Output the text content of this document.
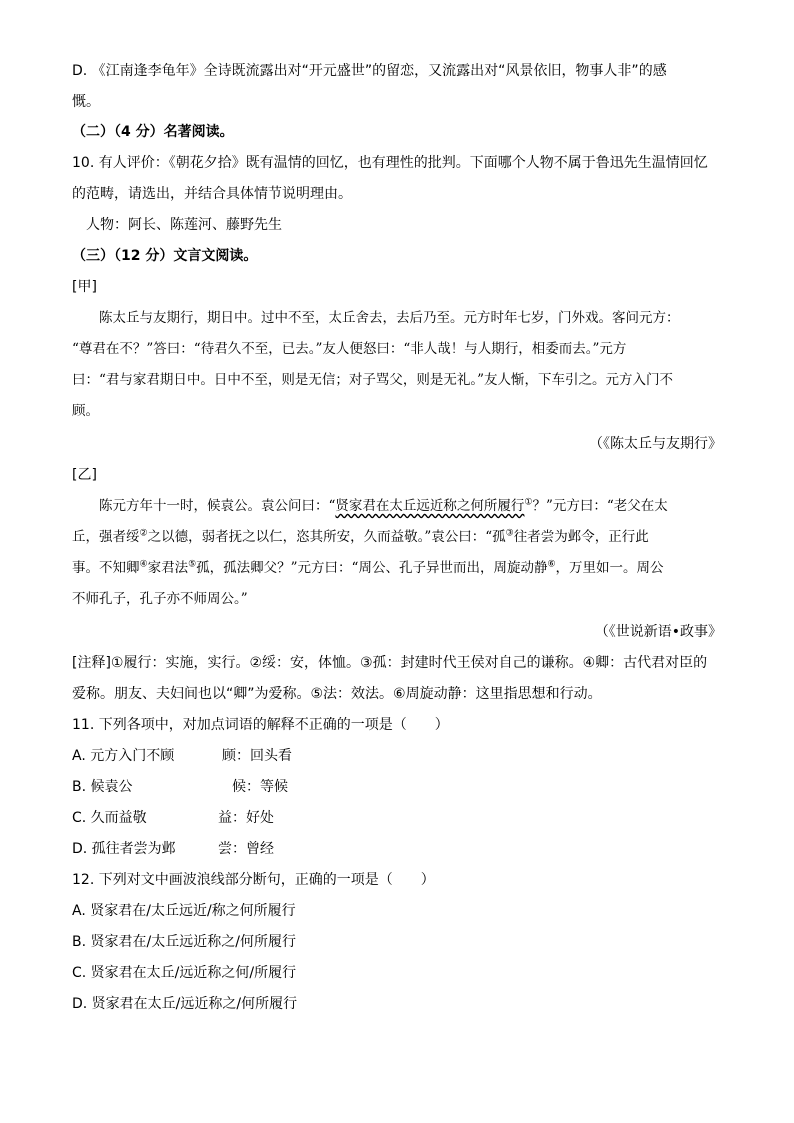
D. 《江南逢李龟年》全诗既流露出对“开元盛世”的留恋，又流露出对“风景依旧，物事人非”的感
慨。
（二）（4 分）名著阅读。
10. 有人评价：《朝花夕拾》既有温情的回忆，也有理性的批判。下面哪个人物不属于鲁迅先生温情回忆
的范畴，请选出，并结合具体情节说明理由。
人物：阿长、陈莲河、藤野先生
（三）（12 分）文言文阅读。
[甲]
陈太丘与友期行，期日中。过中不至，太丘舍去，去后乃至。元方时年七岁，门外戏。客问元方：
“尊君在不？”答曰：“待君久不至，已去。”友人便怒曰：“非人哉！与人期行，相委而去。”元方
曰：“君与家君期日中。日中不至，则是无信；对子骂父，则是无礼。”友人惭，下车引之。元方入门不
顾。
（《陈太丘与友期行》
[乙]
陈元方年十一时，候袁公。袁公问曰：“贤家君在太丘远近称之何所履行①？”元方曰：“老父在太
丘，强者绥②之以德，弱者抚之以仁，恣其所安，久而益敬。”袁公曰：“孤③往者尝为邺令，正行此
事。不知卿④家君法⑤孤，孤法卿父？”元方曰：“周公、孔子异世而出，周旋动静⑥，万里如一。周公
不师孔子，孔子亦不师周公。”
（《世说新语•政事》
[注释]①履行：实施，实行。②绥：安，体恤。③孤：封建时代王侯对自己的谦称。④卿：古代君对臣的
爱称。朋友、夫妇间也以“卿”为爱称。⑤法：效法。⑥周旋动静：这里指思想和行动。
11. 下列各项中，对加点词语的解释不正确的一项是（　　）
A. 元方入门不顾	顾：回头看
B. 候袁公	候：等候
C. 久而益敬	益：好处
D. 孤往者尝为邺	尝：曾经
12. 下列对文中画波浪线部分断句，正确的一项是（　　）
A. 贤家君在/太丘远近/称之何所履行
B. 贤家君在/太丘远近称之/何所履行
C. 贤家君在太丘/远近称之何/所履行
D. 贤家君在太丘/远近称之/何所履行
